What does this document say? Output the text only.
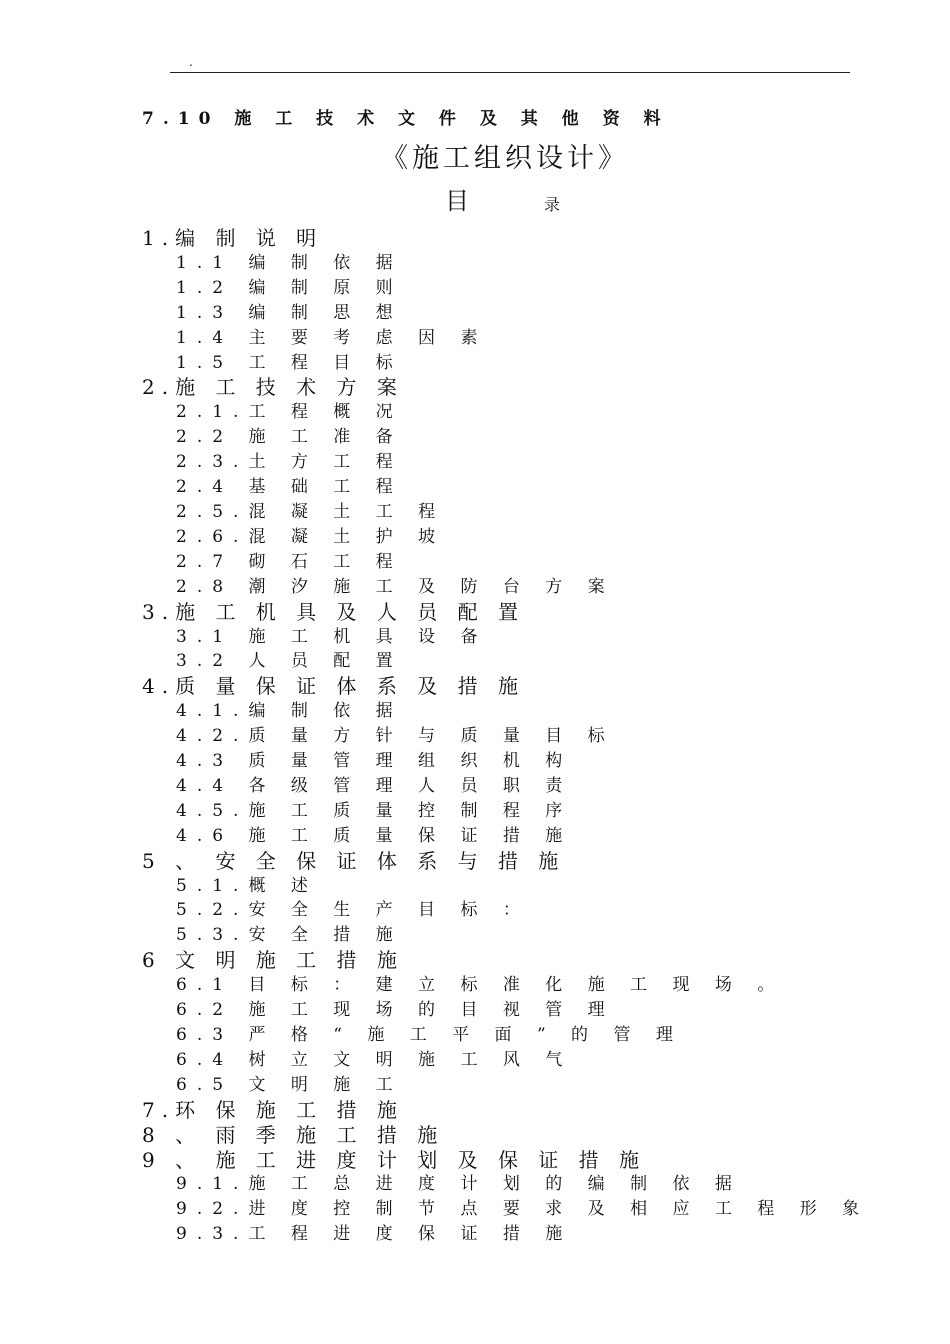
.
7.10 施 工 技 术 文 件 及 其 他 资 料
《施工组织设计》
目	录
1.编 制 说 明
1.1 编 制 依 据
1.2 编 制 原 则
1.3 编 制 思 想
1.4 主 要 考 虑 因 素
1.5 工 程 目 标
2.施 工 技 术 方 案
2.1.工 程 概 况
2.2 施 工 准 备
2.3.土 方 工 程
2.4 基 础 工 程
2.5.混 凝 土 工 程
2.6.混 凝 土 护 坡
2.7 砌 石 工 程
2.8 潮 汐 施 工 及 防 台 方 案
3.施 工 机 具 及 人 员 配 置
3.1 施 工 机 具 设 备
3.2 人 员 配 置
4.质 量 保 证 体 系 及 措 施
4.1.编 制 依 据
4.2.质 量 方 针 与 质 量 目 标
4.3 质 量 管 理 组 织 机 构
4.4 各 级 管 理 人 员 职 责
4.5.施 工 质 量 控 制 程 序
4.6 施 工 质 量 保 证 措 施
5 、 安 全 保 证 体 系 与 措 施
5.1.概 述
5.2.安 全 生 产 目 标 ：
5.3.安 全 措 施
6 文 明 施 工 措 施
6.1 目 标 ： 建 立 标 准 化 施 工 现 场 。
6.2 施 工 现 场 的 目 视 管 理
6.3 严 格 “ 施 工 平 面 ” 的 管 理
6.4 树 立 文 明 施 工 风 气
6.5 文 明 施 工
7.环 保 施 工 措 施
8 、 雨 季 施 工 措 施
9 、 施 工 进 度 计 划 及 保 证 措 施
9.1.施 工 总 进 度 计 划 的 编 制 依 据
9.2.进 度 控 制 节 点 要 求 及 相 应 工 程 形 象
9.3.工 程 进 度 保 证 措 施
